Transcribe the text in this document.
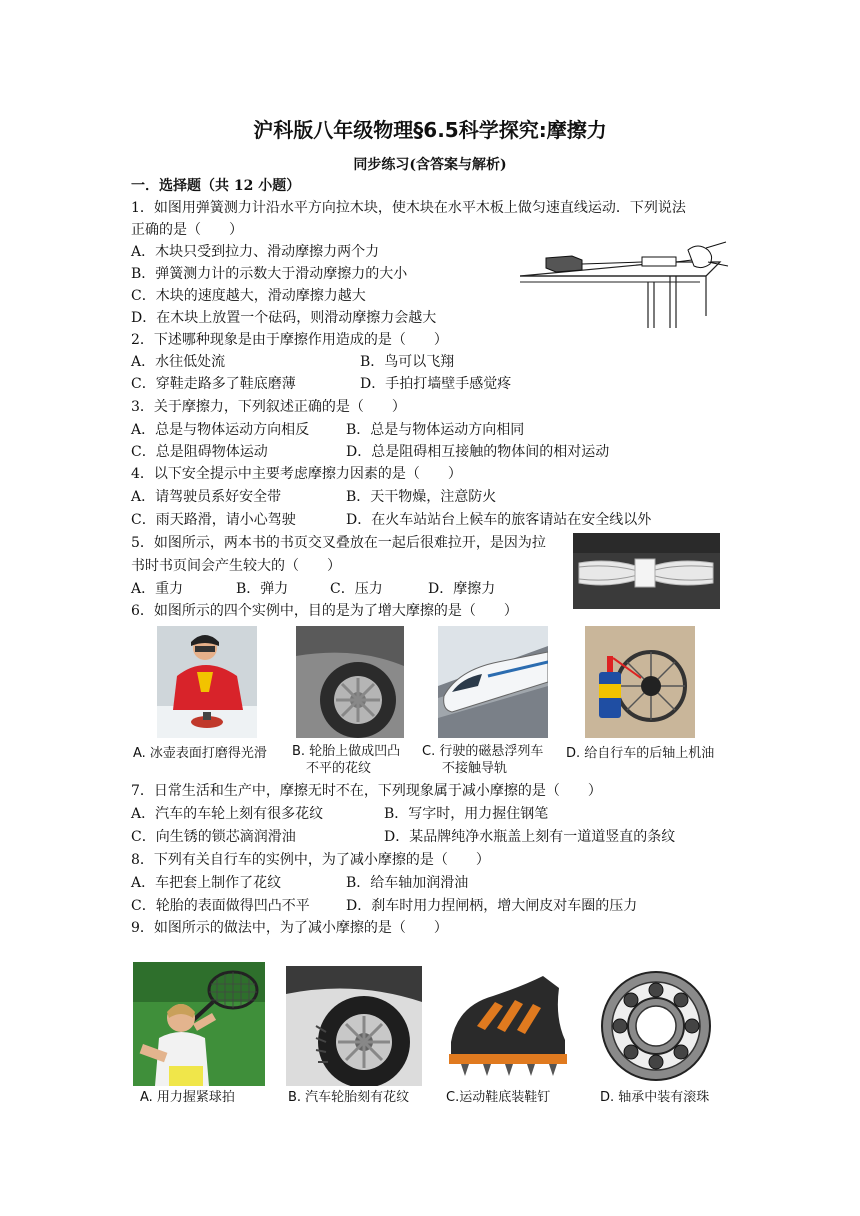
沪科版八年级物理§6.5科学探究:摩擦力
同步练习(含答案与解析)
一．选择题（共 12 小题）
1．如图用弹簧测力计沿水平方向拉木块，使木块在水平木板上做匀速直线运动．下列说法
正确的是（　　）
A．木块只受到拉力、滑动摩擦力两个力
B．弹簧测力计的示数大于滑动摩擦力的大小
C．木块的速度越大，滑动摩擦力越大
D．在木块上放置一个砝码，则滑动摩擦力会越大
2．下述哪种现象是由于摩擦作用造成的是（　　）
A．水往低处流	B．鸟可以飞翔
C．穿鞋走路多了鞋底磨薄	D．手拍打墙壁手感觉疼
3．关于摩擦力，下列叙述正确的是（　　）
A．总是与物体运动方向相反	B．总是与物体运动方向相同
C．总是阻碍物体运动	D．总是阻碍相互接触的物体间的相对运动
4．以下安全提示中主要考虑摩擦力因素的是（　　）
A．请驾驶员系好安全带	B．天干物燥，注意防火
C．雨天路滑，请小心驾驶	D．在火车站站台上候车的旅客请站在安全线以外
5．如图所示，两本书的书页交叉叠放在一起后很难拉开，是因为拉
书时书页间会产生较大的（　　）
A．重力	B．弹力	C．压力	D．摩擦力
6．如图所示的四个实例中，目的是为了增大摩擦的是（　　）
A. 冰壶表面打磨得光滑 B. 轮胎上做成凹凸
不平的花纹
C. 行驶的磁悬浮列车
不接触导轨
D. 给自行车的后轴上机油
7．日常生活和生产中，摩擦无时不在，下列现象属于减小摩擦的是（　　）
A．汽车的车轮上刻有很多花纹	B．写字时，用力握住钢笔
C．向生锈的锁芯滴润滑油	D．某品牌纯净水瓶盖上刻有一道道竖直的条纹
8．下列有关自行车的实例中，为了减小摩擦的是（　　）
A．车把套上制作了花纹	B．给车轴加润滑油
C．轮胎的表面做得凹凸不平	D．刹车时用力捏闸柄，增大闸皮对车圈的压力
9．如图所示的做法中，为了减小摩擦的是（　　）
A. 用力握紧球拍	B. 汽车轮胎刻有花纹	C.运动鞋底装鞋钉	D. 轴承中装有滚珠
